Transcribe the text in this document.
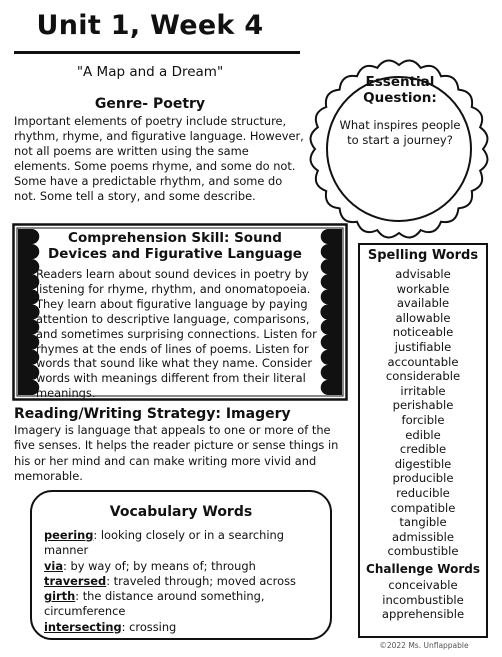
Unit 1, Week 4
"A Map and a Dream"
Genre- Poetry
Important elements of poetry include structure, rhythm, rhyme, and figurative language. However, not all poems are written using the same elements. Some poems rhyme, and some do not. Some have a predictable rhythm, and some do not. Some tell a story, and some describe.
Essential Question:
What inspires people to start a journey?
Comprehension Skill: Sound Devices and Figurative Language
Readers learn about sound devices in poetry by listening for rhyme, rhythm, and onomatopoeia. They learn about figurative language by paying attention to descriptive language, comparisons, and sometimes surprising connections. Listen for rhymes at the ends of lines of poems. Listen for words that sound like what they name. Consider words with meanings different from their literal meanings.
Reading/Writing Strategy: Imagery
Imagery is language that appeals to one or more of the five senses. It helps the reader picture or sense things in his or her mind and can make writing more vivid and memorable.
Vocabulary Words
peering: looking closely or in a searching manner
via: by way of; by means of; through
traversed: traveled through; moved across
girth: the distance around something, circumference
intersecting: crossing
Spelling Words
advisable
workable
available
allowable
noticeable
justifiable
accountable
considerable
irritable
perishable
forcible
edible
credible
digestible
producible
reducible
compatible
tangible
admissible
combustible
Challenge Words
conceivable
incombustible
apprehensible
©2022 Ms. Unflappable
